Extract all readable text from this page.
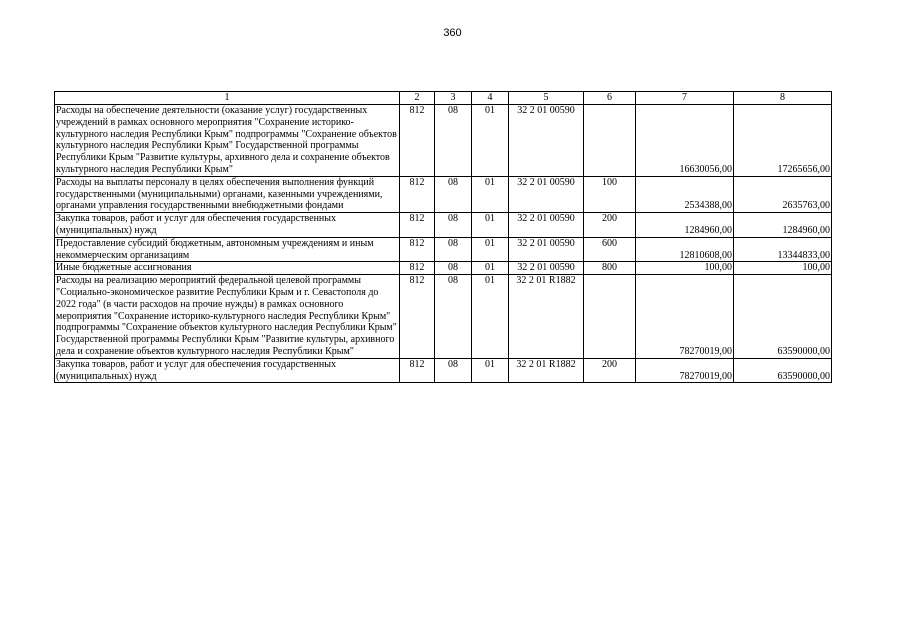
360
1	2	3	4	5	6	7	8
Расходы на обеспечение деятельности (оказание услуг) государственных учреждений в рамках основного мероприятия "Сохранение историко-культурного наследия Республики Крым" подпрограммы "Сохранение объектов культурного наследия Республики Крым" Государственной программы Республики Крым "Развитие культуры, архивного дела и сохранение объектов культурного наследия Республики Крым"	812	08	01	32 2 01 00590		16630056,00	17265656,00
Расходы на выплаты персоналу в целях обеспечения выполнения функций государственными (муниципальными) органами, казенными учреждениями, органами управления государственными внебюджетными фондами	812	08	01	32 2 01 00590	100	2534388,00	2635763,00
Закупка товаров, работ и услуг для обеспечения государственных (муниципальных) нужд	812	08	01	32 2 01 00590	200	1284960,00	1284960,00
Предоставление субсидий бюджетным, автономным учреждениям и иным некоммерческим организациям	812	08	01	32 2 01 00590	600	12810608,00	13344833,00
Иные бюджетные ассигнования	812	08	01	32 2 01 00590	800	100,00	100,00
Расходы на реализацию мероприятий федеральной целевой программы "Социально-экономическое развитие Республики Крым и г. Севастополя до 2022 года" (в части расходов на прочие нужды) в рамках основного мероприятия "Сохранение историко-культурного наследия Республики Крым" подпрограммы "Сохранение объектов культурного наследия Республики Крым" Государственной программы Республики Крым "Развитие культуры, архивного дела и сохранение объектов культурного наследия Республики Крым"	812	08	01	32 2 01 R1882		78270019,00	63590000,00
Закупка товаров, работ и услуг для обеспечения государственных (муниципальных) нужд	812	08	01	32 2 01 R1882	200	78270019,00	63590000,00
